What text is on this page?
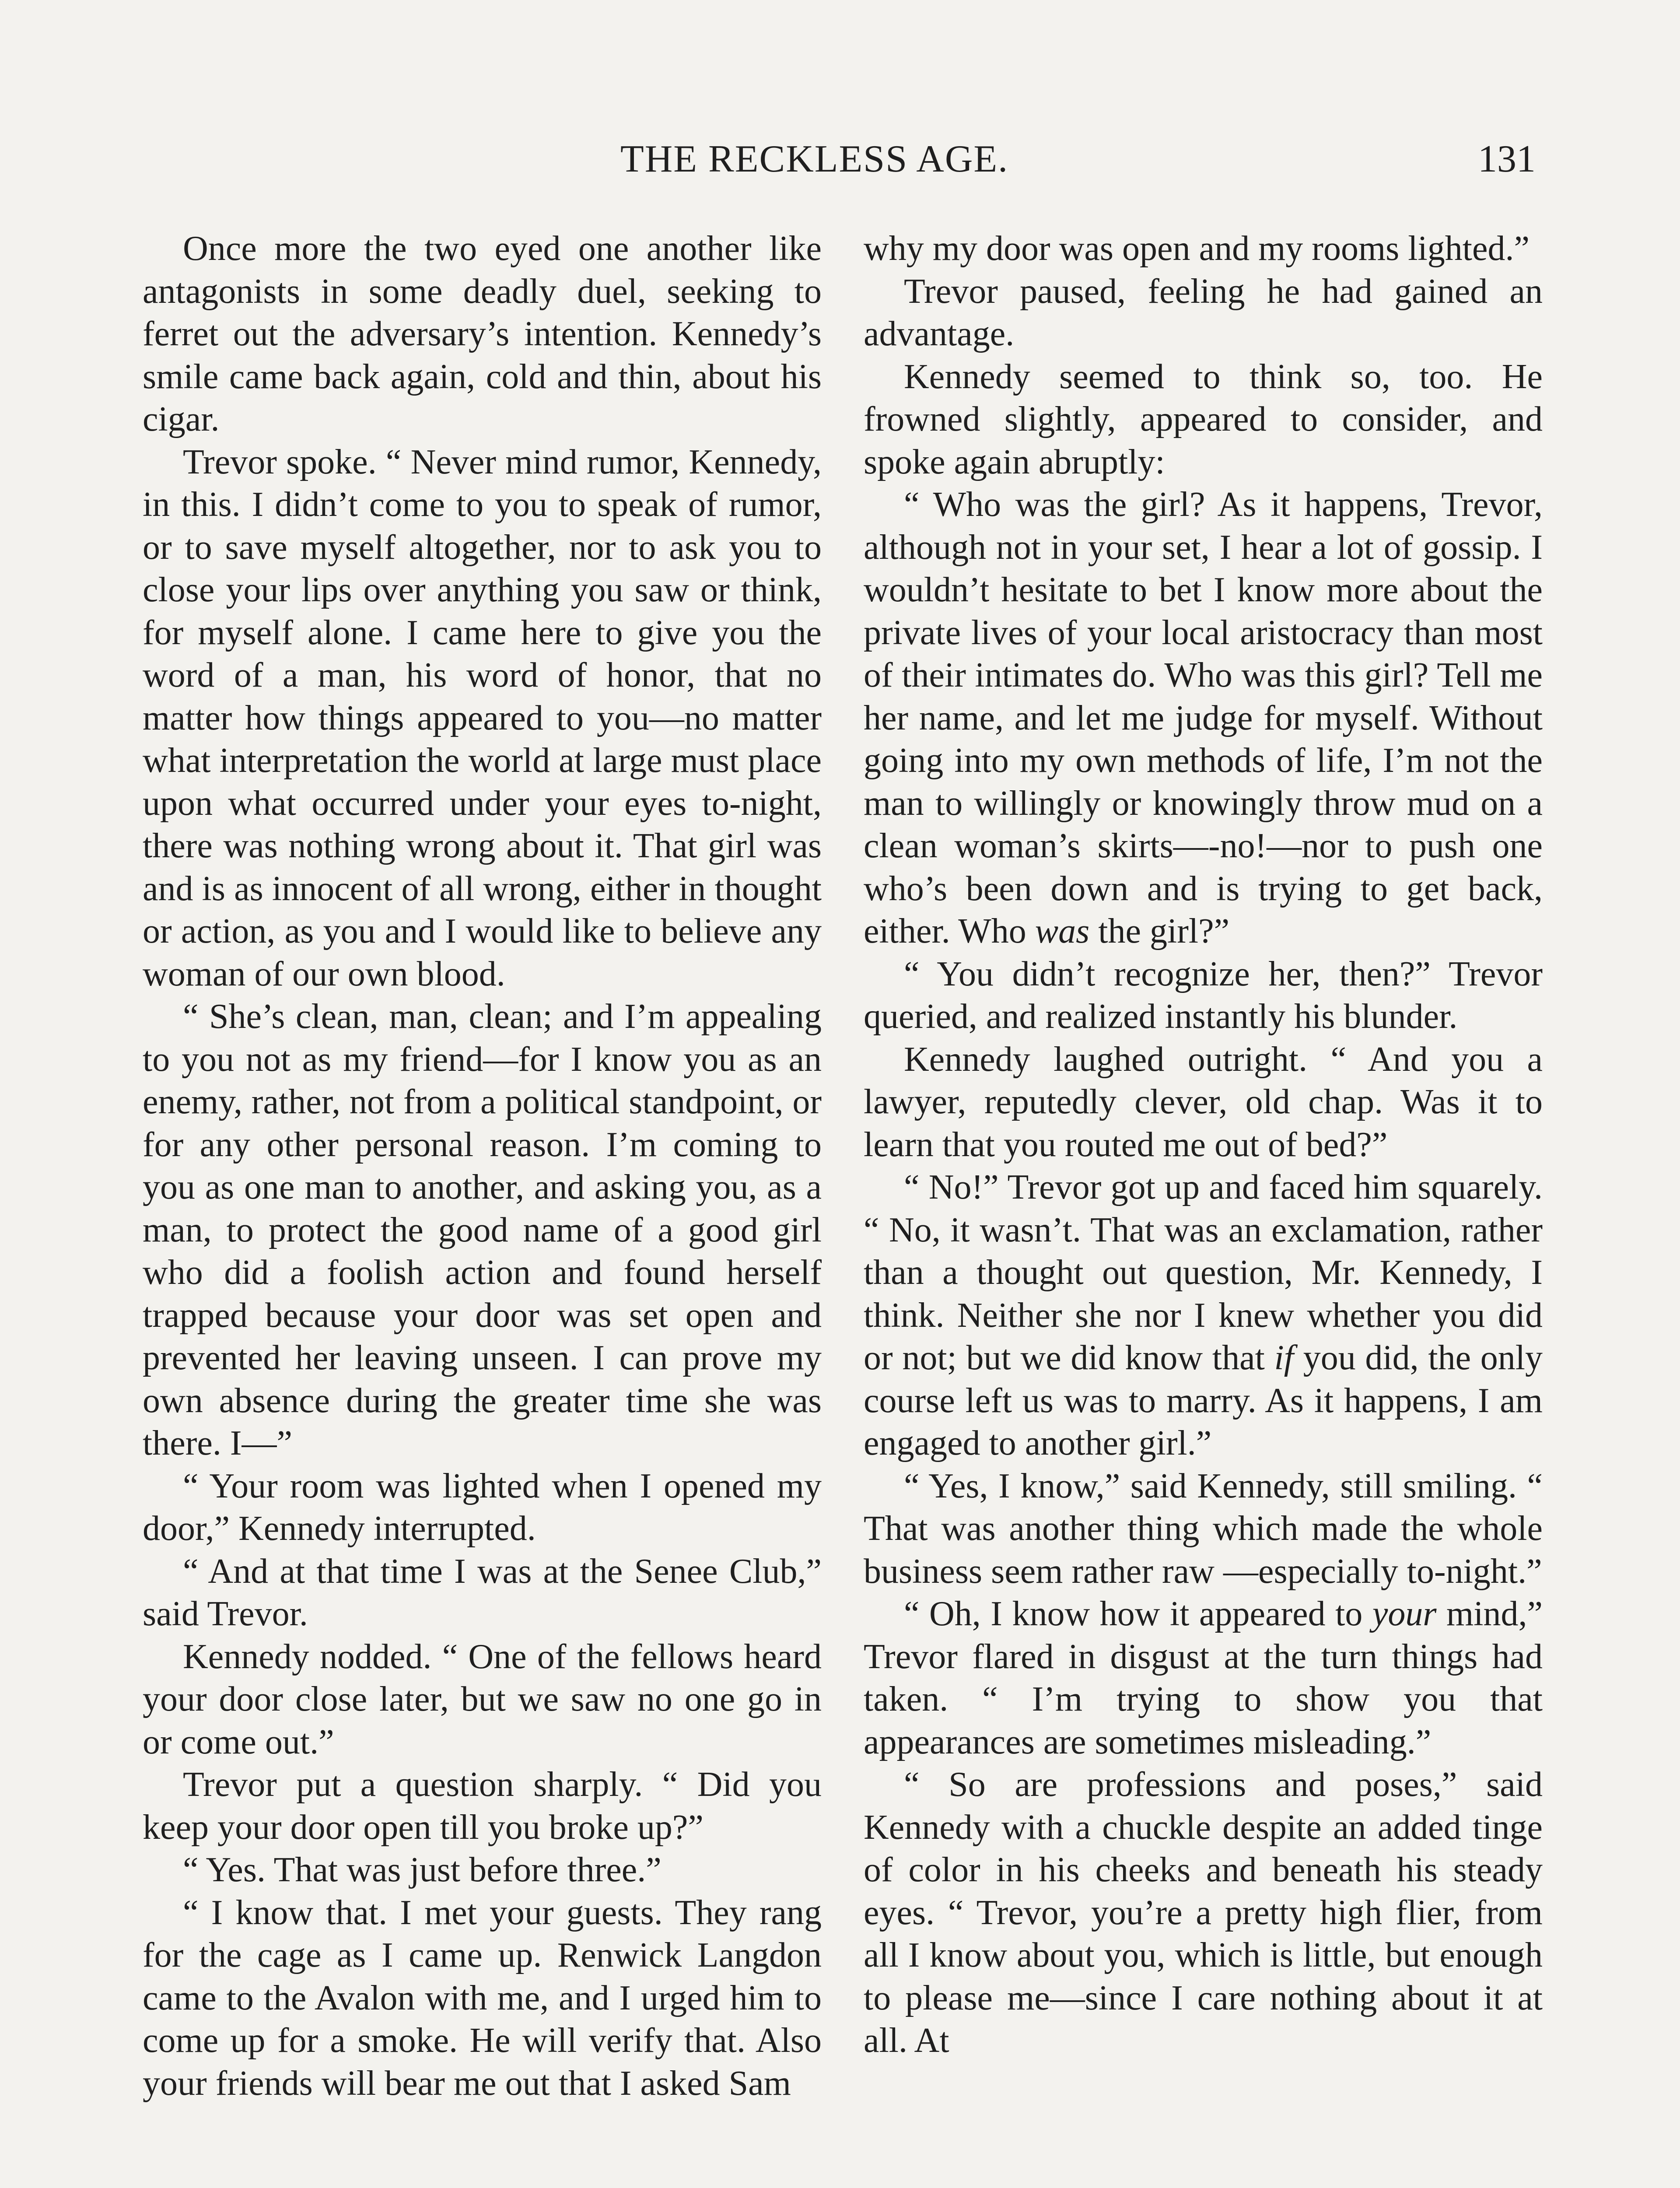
THE RECKLESS AGE.	131

Once more the two eyed one another like antagonists in some deadly duel, seeking to ferret out the adversary’s intention. Kennedy’s smile came back again, cold and thin, about his cigar.

Trevor spoke. “ Never mind rumor, Kennedy, in this. I didn’t come to you to speak of rumor, or to save myself altogether, nor to ask you to close your lips over anything you saw or think, for myself alone. I came here to give you the word of a man, his word of honor, that no matter how things appeared to you—no matter what interpretation the world at large must place upon what occurred under your eyes to-night, there was nothing wrong about it. That girl was and is as innocent of all wrong, either in thought or action, as you and I would like to believe any woman of our own blood.

“ She’s clean, man, clean; and I’m appealing to you not as my friend—for I know you as an enemy, rather, not from a political standpoint, or for any other personal reason. I’m coming to you as one man to another, and asking you, as a man, to protect the good name of a good girl who did a foolish action and found herself trapped because your door was set open and prevented her leaving unseen. I can prove my own absence during the greater time she was there. I—”

“ Your room was lighted when I opened my door,” Kennedy interrupted.

“ And at that time I was at the Senee Club,” said Trevor.

Kennedy nodded. “ One of the fellows heard your door close later, but we saw no one go in or come out.”

Trevor put a question sharply. “ Did you keep your door open till you broke up?”

“ Yes. That was just before three.”

“ I know that. I met your guests. They rang for the cage as I came up. Renwick Langdon came to the Avalon with me, and I urged him to come up for a smoke. He will verify that. Also your friends will bear me out that I asked Sam

why my door was open and my rooms lighted.”

Trevor paused, feeling he had gained an advantage.

Kennedy seemed to think so, too. He frowned slightly, appeared to consider, and spoke again abruptly:

“ Who was the girl? As it happens, Trevor, although not in your set, I hear a lot of gossip. I wouldn’t hesitate to bet I know more about the private lives of your local aristocracy than most of their intimates do. Who was this girl? Tell me her name, and let me judge for myself. Without going into my own methods of life, I’m not the man to willingly or knowingly throw mud on a clean woman’s skirts—-no!—nor to push one who’s been down and is trying to get back, either. Who was the girl?”

“ You didn’t recognize her, then?” Trevor queried, and realized instantly his blunder.

Kennedy laughed outright. “ And you a lawyer, reputedly clever, old chap. Was it to learn that you routed me out of bed?”

“ No!” Trevor got up and faced him squarely. “ No, it wasn’t. That was an exclamation, rather than a thought out question, Mr. Kennedy, I think. Neither she nor I knew whether you did or not; but we did know that if you did, the only course left us was to marry. As it happens, I am engaged to another girl.”

“ Yes, I know,” said Kennedy, still smiling. “ That was another thing which made the whole business seem rather raw —especially to-night.”

“ Oh, I know how it appeared to your mind,” Trevor flared in disgust at the turn things had taken. “ I’m trying to show you that appearances are sometimes misleading.”

“ So are professions and poses,” said Kennedy with a chuckle despite an added tinge of color in his cheeks and beneath his steady eyes. “ Trevor, you’re a pretty high flier, from all I know about you, which is little, but enough to please me—since I care nothing about it at all. At
